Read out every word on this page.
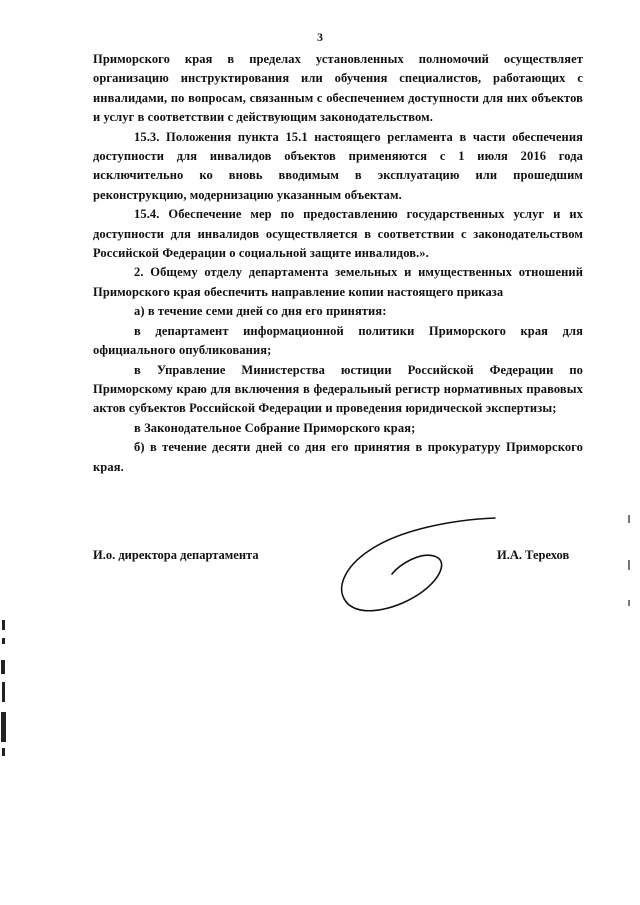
3

Приморского края в пределах установленных полномочий осуществляет организацию инструктирования или обучения специалистов, работающих с инвалидами, по вопросам, связанным с обеспечением доступности для них объектов и услуг в соответствии с действующим законодательством.

15.3. Положения пункта 15.1 настоящего регламента в части обеспечения доступности для инвалидов объектов применяются с 1 июля 2016 года исключительно ко вновь вводимым в эксплуатацию или прошедшим реконструкцию, модернизацию указанным объектам.

15.4. Обеспечение мер по предоставлению государственных услуг и их доступности для инвалидов осуществляется в соответствии с законодательством Российской Федерации о социальной защите инвалидов.».

2. Общему отделу департамента земельных и имущественных отношений Приморского края обеспечить направление копии настоящего приказа

а) в течение семи дней со дня его принятия:

в департамент информационной политики Приморского края для официального опубликования;

в Управление Министерства юстиции Российской Федерации по Приморскому краю для включения в федеральный регистр нормативных правовых актов субъектов Российской Федерации и проведения юридической экспертизы;

в Законодательное Собрание Приморского края;

б) в течение десяти дней со дня его принятия в прокуратуру Приморского края.

И.о. директора департамента	И.А. Терехов
